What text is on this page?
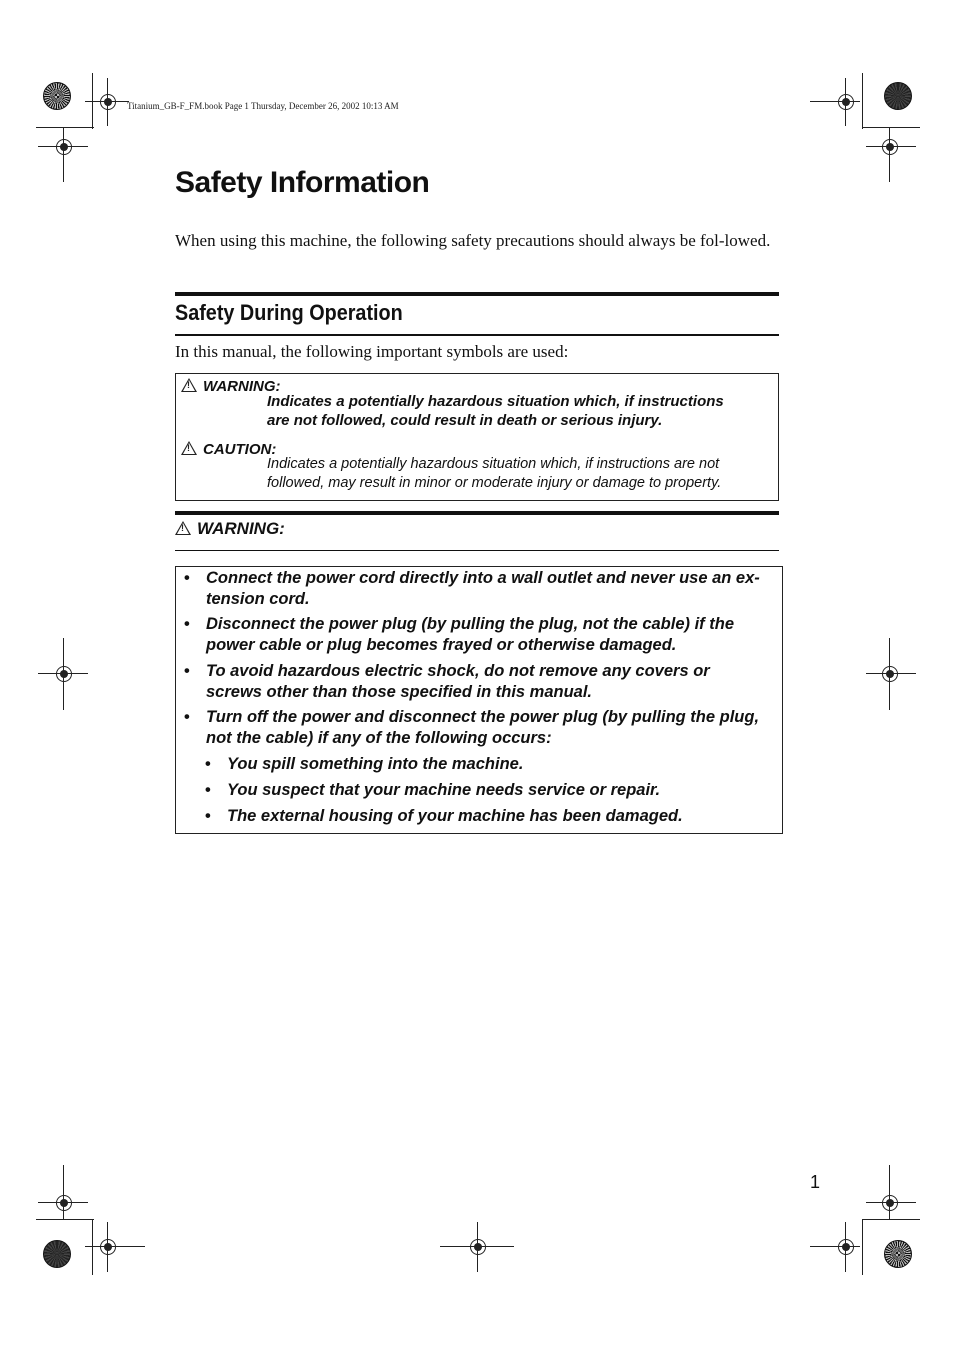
Titanium_GB-F_FM.book Page 1 Thursday, December 26, 2002 10:13 AM
Safety Information

When using this machine, the following safety precautions should always be fol-lowed.

Safety During Operation

In this manual, the following important symbols are used:

!WARNING:
Indicates a potentially hazardous situation which, if instructions
are not followed, could result in death or serious injury.
!CAUTION:
Indicates a potentially hazardous situation which, if instructions are not
followed, may result in minor or moderate injury or damage to property.
!WARNING:
• Connect the power cord directly into a wall outlet and never use an ex-
tension cord.
• Disconnect the power plug (by pulling the plug, not the cable) if the
power cable or plug becomes frayed or otherwise damaged.
• To avoid hazardous electric shock, do not remove any covers or
screws other than those specified in this manual.
• Turn off the power and disconnect the power plug (by pulling the plug,
not the cable) if any of the following occurs:
• You spill something into the machine.
• You suspect that your machine needs service or repair.
• The external housing of your machine has been damaged.
1
